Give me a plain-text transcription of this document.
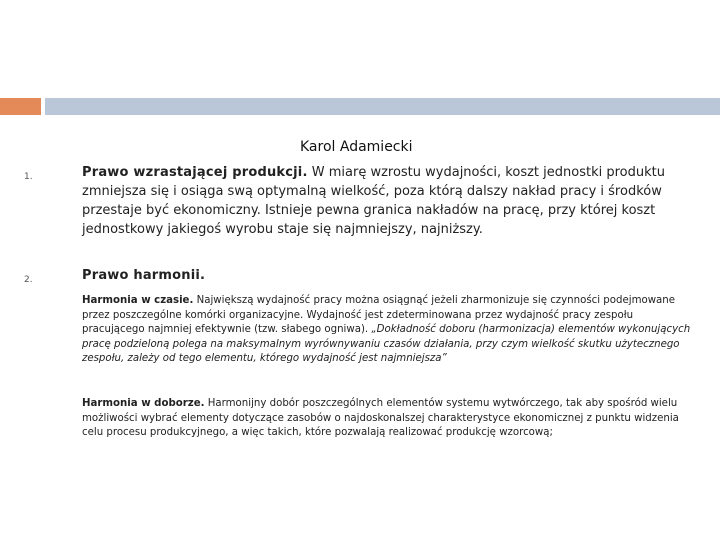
Karol Adamiecki
1.	Prawo wzrastającej produkcji. W miarę wzrostu wydajności, koszt jednostki produktu zmniejsza się i osiąga swą optymalną wielkość, poza którą dalszy nakład pracy i środków przestaje być ekonomiczny. Istnieje pewna granica nakładów na pracę, przy której koszt jednostkowy jakiegoś wyrobu staje się najmniejszy, najniższy.

2.	Prawo harmonii.

Harmonia w czasie. Największą wydajność pracy można osiągnąć jeżeli zharmonizuje się czynności podejmowane przez poszczególne komórki organizacyjne. Wydajność jest zdeterminowana przez wydajność pracy zespołu pracującego najmniej efektywnie (tzw. słabego ogniwa). „Dokładność doboru (harmonizacja) elementów wykonujących pracę podzieloną polega na maksymalnym wyrównywaniu czasów działania, przy czym wielkość skutku użytecznego zespołu, zależy od tego elementu, którego wydajność jest najmniejsza”

Harmonia w doborze. Harmonijny dobór poszczególnych elementów systemu wytwórczego, tak aby spośród wielu możliwości wybrać elementy dotyczące zasobów o najdoskonalszej charakterystyce ekonomicznej z punktu widzenia celu procesu produkcyjnego, a więc takich, które pozwalają realizować produkcję wzorcową;
